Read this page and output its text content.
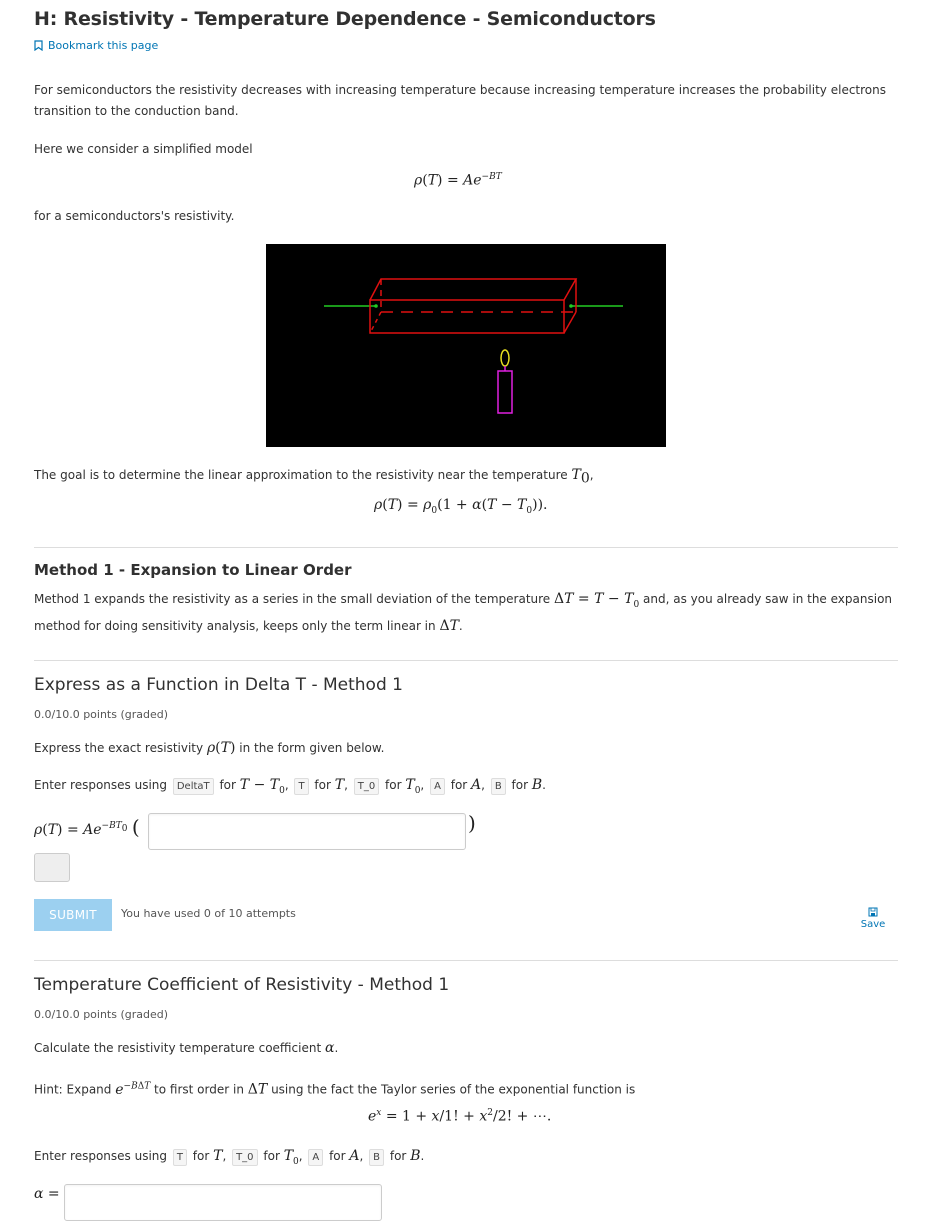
H: Resistivity - Temperature Dependence - Semiconductors
Bookmark this page
For semiconductors the resistivity decreases with increasing temperature because increasing temperature increases the probability electrons transition to the conduction band.
Here we consider a simplified model
$\rho(T) = Ae^{-BT}$
for a semiconductors's resistivity.
The goal is to determine the linear approximation to the resistivity near the temperature $T_0$,
$\rho(T) = \rho_0(1 + \alpha(T - T_0))$.
Method 1 - Expansion to Linear Order
Method 1 expands the resistivity as a series in the small deviation of the temperature $\Delta T = T - T_0$ and, as you already saw in the expansion
method for doing sensitivity analysis, keeps only the term linear in ΔT.
Express as a Function in Delta T - Method 1
0.0/10.0 points (graded)
Express the exact resistivity ρ(T) in the form given below.
Enter responses using DeltaT for $T - T_0$, T for T, T_0 for $T_0$, A for A, B for B.
$\rho(T) = Ae^{-BT_0}$ (	)
SUBMIT	You have used 0 of 10 attempts
Save
Temperature Coefficient of Resistivity - Method 1
0.0/10.0 points (graded)
Calculate the resistivity temperature coefficient α.
Hint: Expand $e^{-B\Delta T}$ to first order in ΔT using the fact the Taylor series of the exponential function is
$e^x = 1 + x/1$! + $x^2/2$! + ⋯.
Enter responses using T for T, T_0 for $T_0$, A for A, B for B.
α =
